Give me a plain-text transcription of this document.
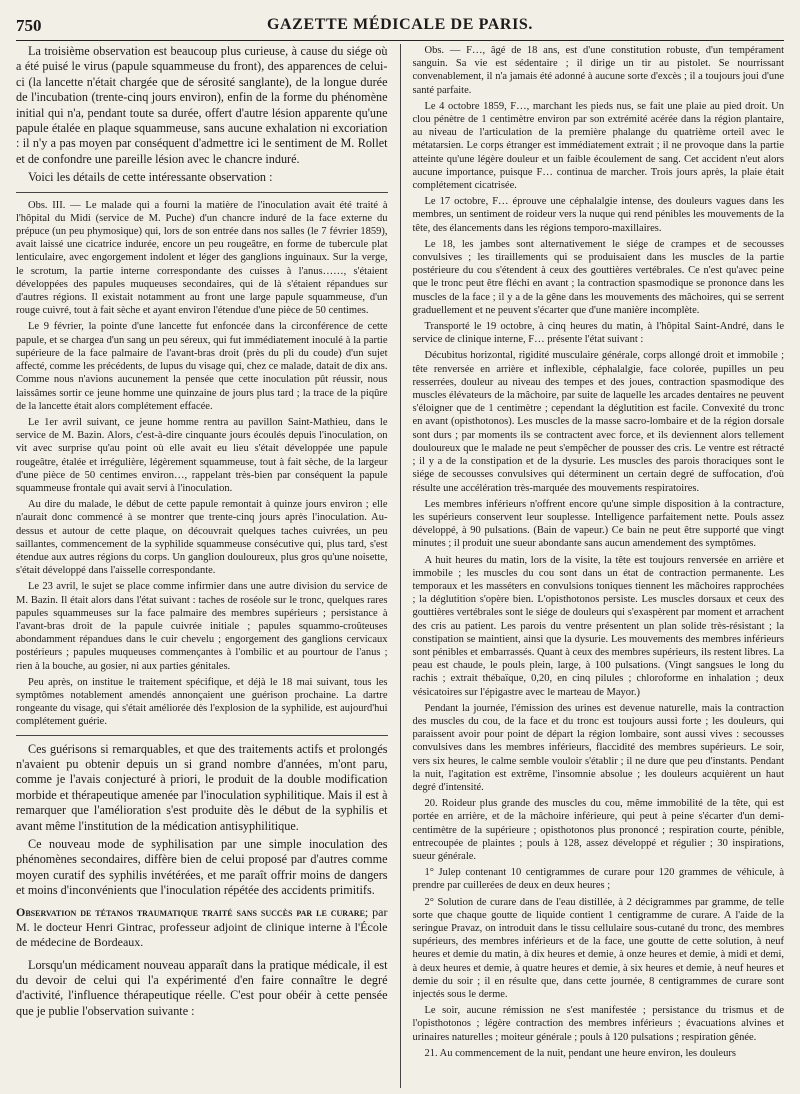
750	GAZETTE MÉDICALE DE PARIS.

La troisième observation est beaucoup plus curieuse, à cause du siége où a été puisé le virus (papule squammeuse du front), des apparences de celui-ci (la lancette n'était chargée que de sérosité sanglante), de la longue durée de l'incubation (trente-cinq jours environ), enfin de la forme du phénomène initial qui n'a, pendant toute sa durée, offert d'autre lésion apparente qu'une papule étalée en plaque squammeuse, sans aucune exhalation ni excoriation : il n'y a pas moyen par conséquent d'admettre ici le sentiment de M. Rollet et de confondre une pareille lésion avec le chancre induré.

Voici les détails de cette intéressante observation :

Obs. III. — Le malade qui a fourni la matière de l'inoculation avait été traité à l'hôpital du Midi (service de M. Puche) d'un chancre induré de la face externe du prépuce (un peu phymosique) qui, lors de son entrée dans nos salles (le 7 février 1859), avait laissé une cicatrice indurée, encore un peu rougeâtre, en forme de tubercule plat lenticulaire, avec engorgement indolent et léger des ganglions inguinaux. Sur la verge, le scrotum, la partie interne correspondante des cuisses à l'anus……, s'étaient développées des papules muqueuses secondaires, qui de là s'étaient répandues sur d'autres régions. Il existait notamment au front une large papule squammeuse, d'un rouge cuivré, tout à fait sèche et ayant environ l'étendue d'une pièce de 50 centimes.

Le 9 février, la pointe d'une lancette fut enfoncée dans la circonférence de cette papule, et se chargea d'un sang un peu séreux, qui fut immédiatement inoculé à la partie supérieure de la face palmaire de l'avant-bras droit (près du pli du coude) d'un sujet affecté, comme les précédents, de lupus du visage qui, chez ce malade, datait de dix ans. Comme nous n'avions aucunement la pensée que cette inoculation pût réussir, nous laissâmes sortir ce jeune homme une quinzaine de jours plus tard ; la trace de la piqûre de la lancette était alors complétement effacée.

Le 1er avril suivant, ce jeune homme rentra au pavillon Saint-Mathieu, dans le service de M. Bazin. Alors, c'est-à-dire cinquante jours écoulés depuis l'inoculation, on vit avec surprise qu'au point où elle avait eu lieu s'était développée une papule rougeâtre, étalée et irrégulière, légèrement squammeuse, tout à fait sèche, de la largeur d'une pièce de 50 centimes environ…, rappelant très-bien par conséquent la papule squammeuse frontale qui avait servi à l'inoculation.

Au dire du malade, le début de cette papule remontait à quinze jours environ ; elle n'aurait donc commencé à se montrer que trente-cinq jours après l'inoculation. Au-dessus et autour de cette plaque, on découvrait quelques taches cuivrées, un peu saillantes, commencement de la syphilide squammeuse consécutive qui, plus tard, s'est étendue aux autres régions du corps. Un ganglion douloureux, plus gros qu'une noisette, s'était développé dans l'aisselle correspondante.

Le 23 avril, le sujet se place comme infirmier dans une autre division du service de M. Bazin. Il était alors dans l'état suivant : taches de roséole sur le tronc, quelques rares papules squammeuses sur la face palmaire des membres supérieurs ; persistance à l'avant-bras droit de la papule cuivrée initiale ; papules squammo-croûteuses abondamment répandues dans le cuir chevelu ; engorgement des ganglions cervicaux postérieurs ; papules muqueuses commençantes à l'ombilic et au pourtour de l'anus ; rien à la bouche, au gosier, ni aux parties génitales.

Peu après, on institue le traitement spécifique, et déjà le 18 mai suivant, tous les symptômes notablement amendés annonçaient une guérison prochaine. La dartre rongeante du visage, qui s'était améliorée dès l'explosion de la syphilide, est aujourd'hui complétement guérie.

Ces guérisons si remarquables, et que des traitements actifs et prolongés n'avaient pu obtenir depuis un si grand nombre d'années, m'ont paru, comme je l'avais conjecturé à priori, le produit de la double modification morbide et thérapeutique amenée par l'inoculation syphilitique. Mais il est à remarquer que l'amélioration s'est produite dès le début de la syphilis et avant même l'institution de la médication antisyphilitique.

Ce nouveau mode de syphilisation par une simple inoculation des phénomènes secondaires, diffère bien de celui proposé par d'autres comme moyen curatif des syphilis invétérées, et me paraît offrir moins de dangers et moins d'inconvénients que l'inoculation répétée des accidents primitifs.

Observation de tétanos traumatique traité sans succès par le curare; par M. le docteur Henri Gintrac, professeur adjoint de clinique interne à l'École de médecine de Bordeaux.

Lorsqu'un médicament nouveau apparaît dans la pratique médicale, il est du devoir de celui qui l'a expérimenté d'en faire connaître le degré d'activité, l'influence thérapeutique réelle. C'est pour obéir à cette pensée que je publie l'observation suivante :

Obs. — F…, âgé de 18 ans, est d'une constitution robuste, d'un tempérament sanguin. Sa vie est sédentaire ; il dirige un tir au pistolet. Se nourrissant convenablement, il n'a jamais été adonné à aucune sorte d'excès ; il a toujours joui d'une santé parfaite.

Le 4 octobre 1859, F…, marchant les pieds nus, se fait une plaie au pied droit. Un clou pénètre de 1 centimètre environ par son extrémité acérée dans la région plantaire, au niveau de l'articulation de la première phalange du quatrième orteil avec le métatarsien. Le corps étranger est immédiatement extrait ; il ne provoque dans la partie atteinte qu'une légère douleur et un faible écoulement de sang. Cet accident n'eut alors aucune importance, puisque F… continua de marcher. Trois jours après, la plaie était complétement cicatrisée.

Le 17 octobre, F… éprouve une céphalalgie intense, des douleurs vagues dans les membres, un sentiment de roideur vers la nuque qui rend pénibles les mouvements de la tête, des élancements dans les régions temporo-maxillaires.

Le 18, les jambes sont alternativement le siége de crampes et de secousses convulsives ; les tiraillements qui se produisaient dans les muscles de la partie postérieure du cou s'étendent à ceux des gouttières vertébrales. Ce n'est qu'avec peine que le tronc peut être fléchi en avant ; la contraction spasmodique se prononce dans les muscles de la face ; il y a de la gêne dans les mouvements des mâchoires, qui se serrent graduellement et ne peuvent s'écarter que d'une manière incomplète.

Transporté le 19 octobre, à cinq heures du matin, à l'hôpital Saint-André, dans le service de clinique interne, F… présente l'état suivant :

Décubitus horizontal, rigidité musculaire générale, corps allongé droit et immobile ; tête renversée en arrière et inflexible, céphalalgie, face colorée, pupilles un peu resserrées, douleur au niveau des tempes et des joues, contraction spasmodique des muscles élévateurs de la mâchoire, par suite de laquelle les arcades dentaires ne peuvent s'éloigner que de 1 centimètre ; cependant la déglutition est facile. Convexité du tronc en avant (opisthotonos). Les muscles de la masse sacro-lombaire et de la région dorsale sont durs ; par moments ils se contractent avec force, et ils deviennent alors tellement douloureux que le malade ne peut s'empêcher de pousser des cris. Le ventre est rétracté ; il y a de la constipation et de la dysurie. Les muscles des parois thoraciques sont le siége de secousses convulsives qui déterminent un certain degré de suffocation, d'où résulte une accélération très-marquée des mouvements respiratoires.

Les membres inférieurs n'offrent encore qu'une simple disposition à la contracture, les supérieurs conservent leur souplesse. Intelligence parfaitement nette. Pouls assez développé, à 90 pulsations. (Bain de vapeur.) Ce bain ne peut être supporté que vingt minutes ; il produit une sueur abondante sans aucun amendement des symptômes.

A huit heures du matin, lors de la visite, la tête est toujours renversée en arrière et immobile ; les muscles du cou sont dans un état de contraction permanente. Les temporaux et les masséters en convulsions toniques tiennent les mâchoires rapprochées ; la déglutition s'opère bien. L'opisthotonos persiste. Les muscles dorsaux et ceux des gouttières vertébrales sont le siége de douleurs qui s'exaspèrent par moment et arrachent des cris au patient. Les parois du ventre présentent un plan solide très-résistant ; la constipation se maintient, ainsi que la dysurie. Les mouvements des membres inférieurs sont pénibles et embarrassés. Quant à ceux des membres supérieurs, ils restent libres. La peau est chaude, le pouls plein, large, à 100 pulsations. (Vingt sangsues le long du rachis ; extrait thébaïque, 0,20, en cinq pilules ; chloroforme en inhalation ; deux vésicatoires sur l'épigastre avec le marteau de Mayor.)

Pendant la journée, l'émission des urines est devenue naturelle, mais la contraction des muscles du cou, de la face et du tronc est toujours aussi forte ; les douleurs, qui paraissent avoir pour point de départ la région lombaire, sont aussi vives : secousses convulsives dans les membres inférieurs, flaccidité des membres supérieurs. Le soir, vers six heures, le calme semble vouloir s'établir ; il ne dure que peu d'instants. Pendant la nuit, l'agitation est extrême, l'insomnie absolue ; les douleurs acquièrent un haut degré d'intensité.

20. Roideur plus grande des muscles du cou, même immobilité de la tête, qui est portée en arrière, et de la mâchoire inférieure, qui peut à peine s'écarter d'un demi-centimètre de la supérieure ; opisthotonos plus prononcé ; respiration courte, pénible, entrecoupée de plaintes ; pouls à 128, assez développé et régulier ; 30 inspirations, sueur générale.

1° Julep contenant 10 centigrammes de curare pour 120 grammes de véhicule, à prendre par cuillerées de deux en deux heures ;

2° Solution de curare dans de l'eau distillée, à 2 décigrammes par gramme, de telle sorte que chaque goutte de liquide contient 1 centigramme de curare. A l'aide de la seringue Pravaz, on introduit dans le tissu cellulaire sous-cutané du tronc, des membres supérieurs, des membres inférieurs et de la face, une goutte de cette solution, à neuf heures et demie du matin, à dix heures et demie, à onze heures et demie, à midi et demi, à deux heures et demie, à quatre heures et demie, à six heures et demie, à neuf heures et demie du soir ; il en résulte que, dans cette journée, 8 centigrammes de curare sont injectés sous le derme.

Le soir, aucune rémission ne s'est manifestée ; persistance du trismus et de l'opisthotonos ; légère contraction des membres inférieurs ; évacuations alvines et urinaires naturelles ; moiteur générale ; pouls à 120 pulsations ; respiration gênée.

21. Au commencement de la nuit, pendant une heure environ, les douleurs
